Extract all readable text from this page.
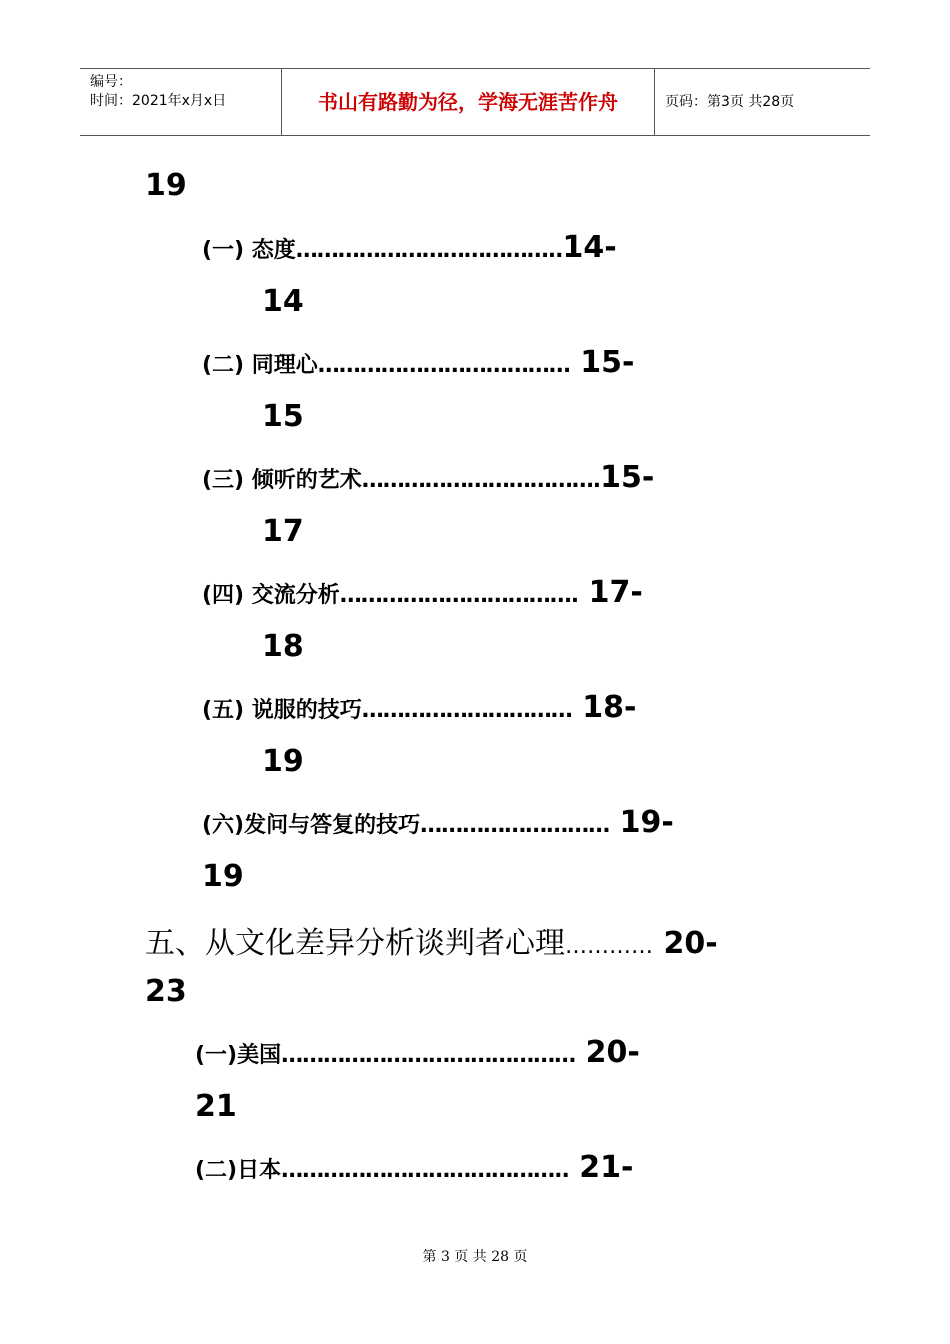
编号：
时间：2021年x月x日	书山有路勤为径，学海无涯苦作舟	页码：第3页 共28页
19
(一) 态度………………………………..14-
14
(二) 同理心……………………………… 15-
15
(三) 倾听的艺术…………………………….15-
17
(四) 交流分析……………………………. 17-
18
(五) 说服的技巧………………………… 18-
19
(六)发问与答复的技巧……………………… 19-
19
五、从文化差异分析谈判者心理………… 20-
23
(一)美国…………………………………… 20-
21
(二)日本………………………………….. 21-
第 3 页 共 28 页
